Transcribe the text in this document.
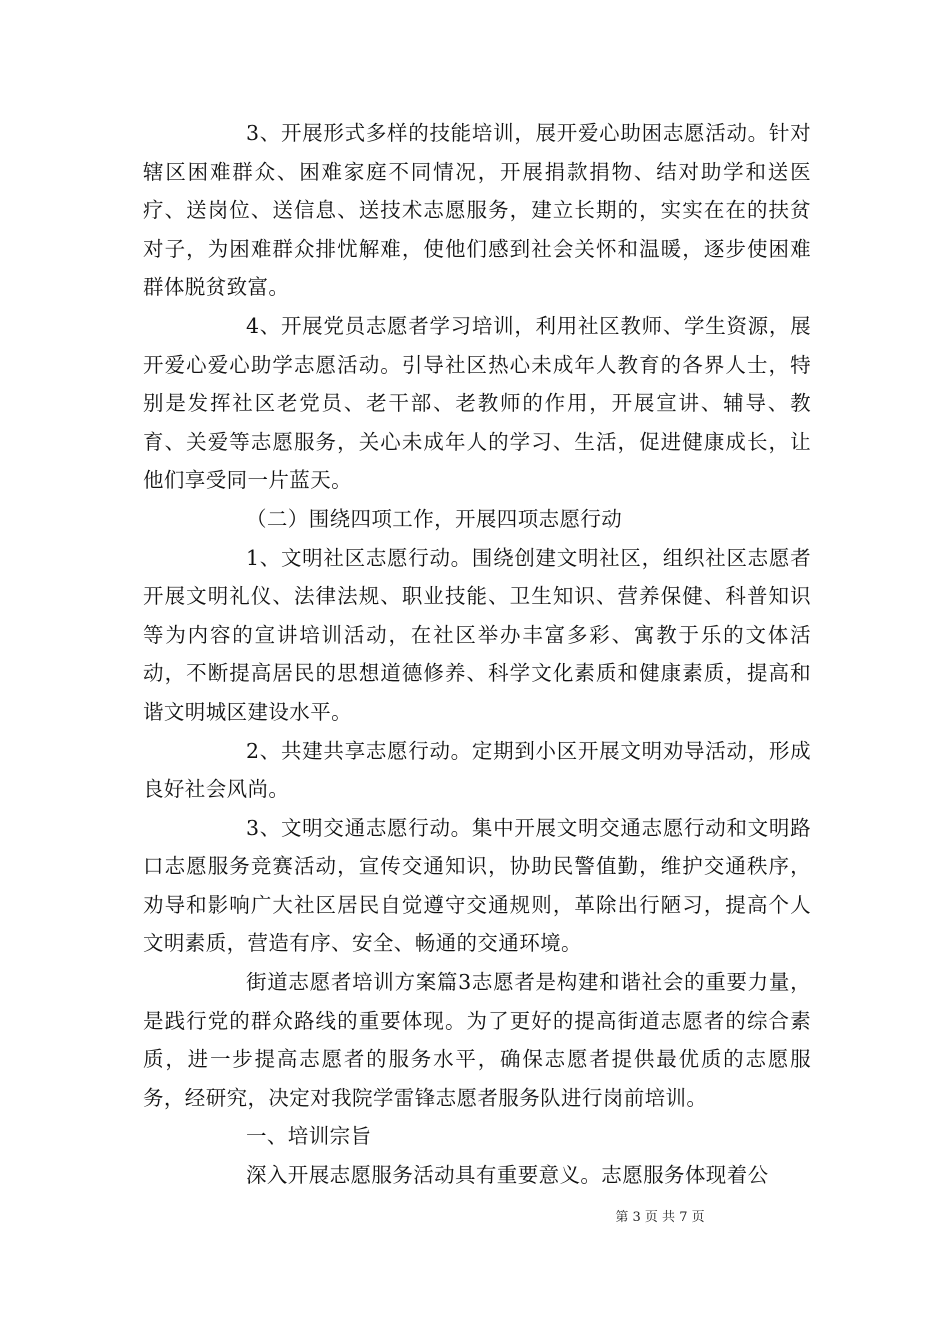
3、开展形式多样的技能培训，展开爱心助困志愿活动。针对辖区困难群众、困难家庭不同情况，开展捐款捐物、结对助学和送医疗、送岗位、送信息、送技术志愿服务，建立长期的，实实在在的扶贫对子，为困难群众排忧解难，使他们感到社会关怀和温暖，逐步使困难群体脱贫致富。

4、开展党员志愿者学习培训，利用社区教师、学生资源，展开爱心爱心助学志愿活动。引导社区热心未成年人教育的各界人士，特别是发挥社区老党员、老干部、老教师的作用，开展宣讲、辅导、教育、关爱等志愿服务，关心未成年人的学习、生活，促进健康成长，让他们享受同一片蓝天。

（二）围绕四项工作，开展四项志愿行动

1、文明社区志愿行动。围绕创建文明社区，组织社区志愿者开展文明礼仪、法律法规、职业技能、卫生知识、营养保健、科普知识等为内容的宣讲培训活动，在社区举办丰富多彩、寓教于乐的文体活动，不断提高居民的思想道德修养、科学文化素质和健康素质，提高和谐文明城区建设水平。

2、共建共享志愿行动。定期到小区开展文明劝导活动，形成良好社会风尚。

3、文明交通志愿行动。集中开展文明交通志愿行动和文明路口志愿服务竞赛活动，宣传交通知识，协助民警值勤，维护交通秩序，劝导和影响广大社区居民自觉遵守交通规则，革除出行陋习，提高个人文明素质，营造有序、安全、畅通的交通环境。

街道志愿者培训方案篇3志愿者是构建和谐社会的重要力量，是践行党的群众路线的重要体现。为了更好的提高街道志愿者的综合素质，进一步提高志愿者的服务水平，确保志愿者提供最优质的志愿服务，经研究，决定对我院学雷锋志愿者服务队进行岗前培训。

一、培训宗旨

深入开展志愿服务活动具有重要意义。志愿服务体现着公

第 3 页 共 7 页
